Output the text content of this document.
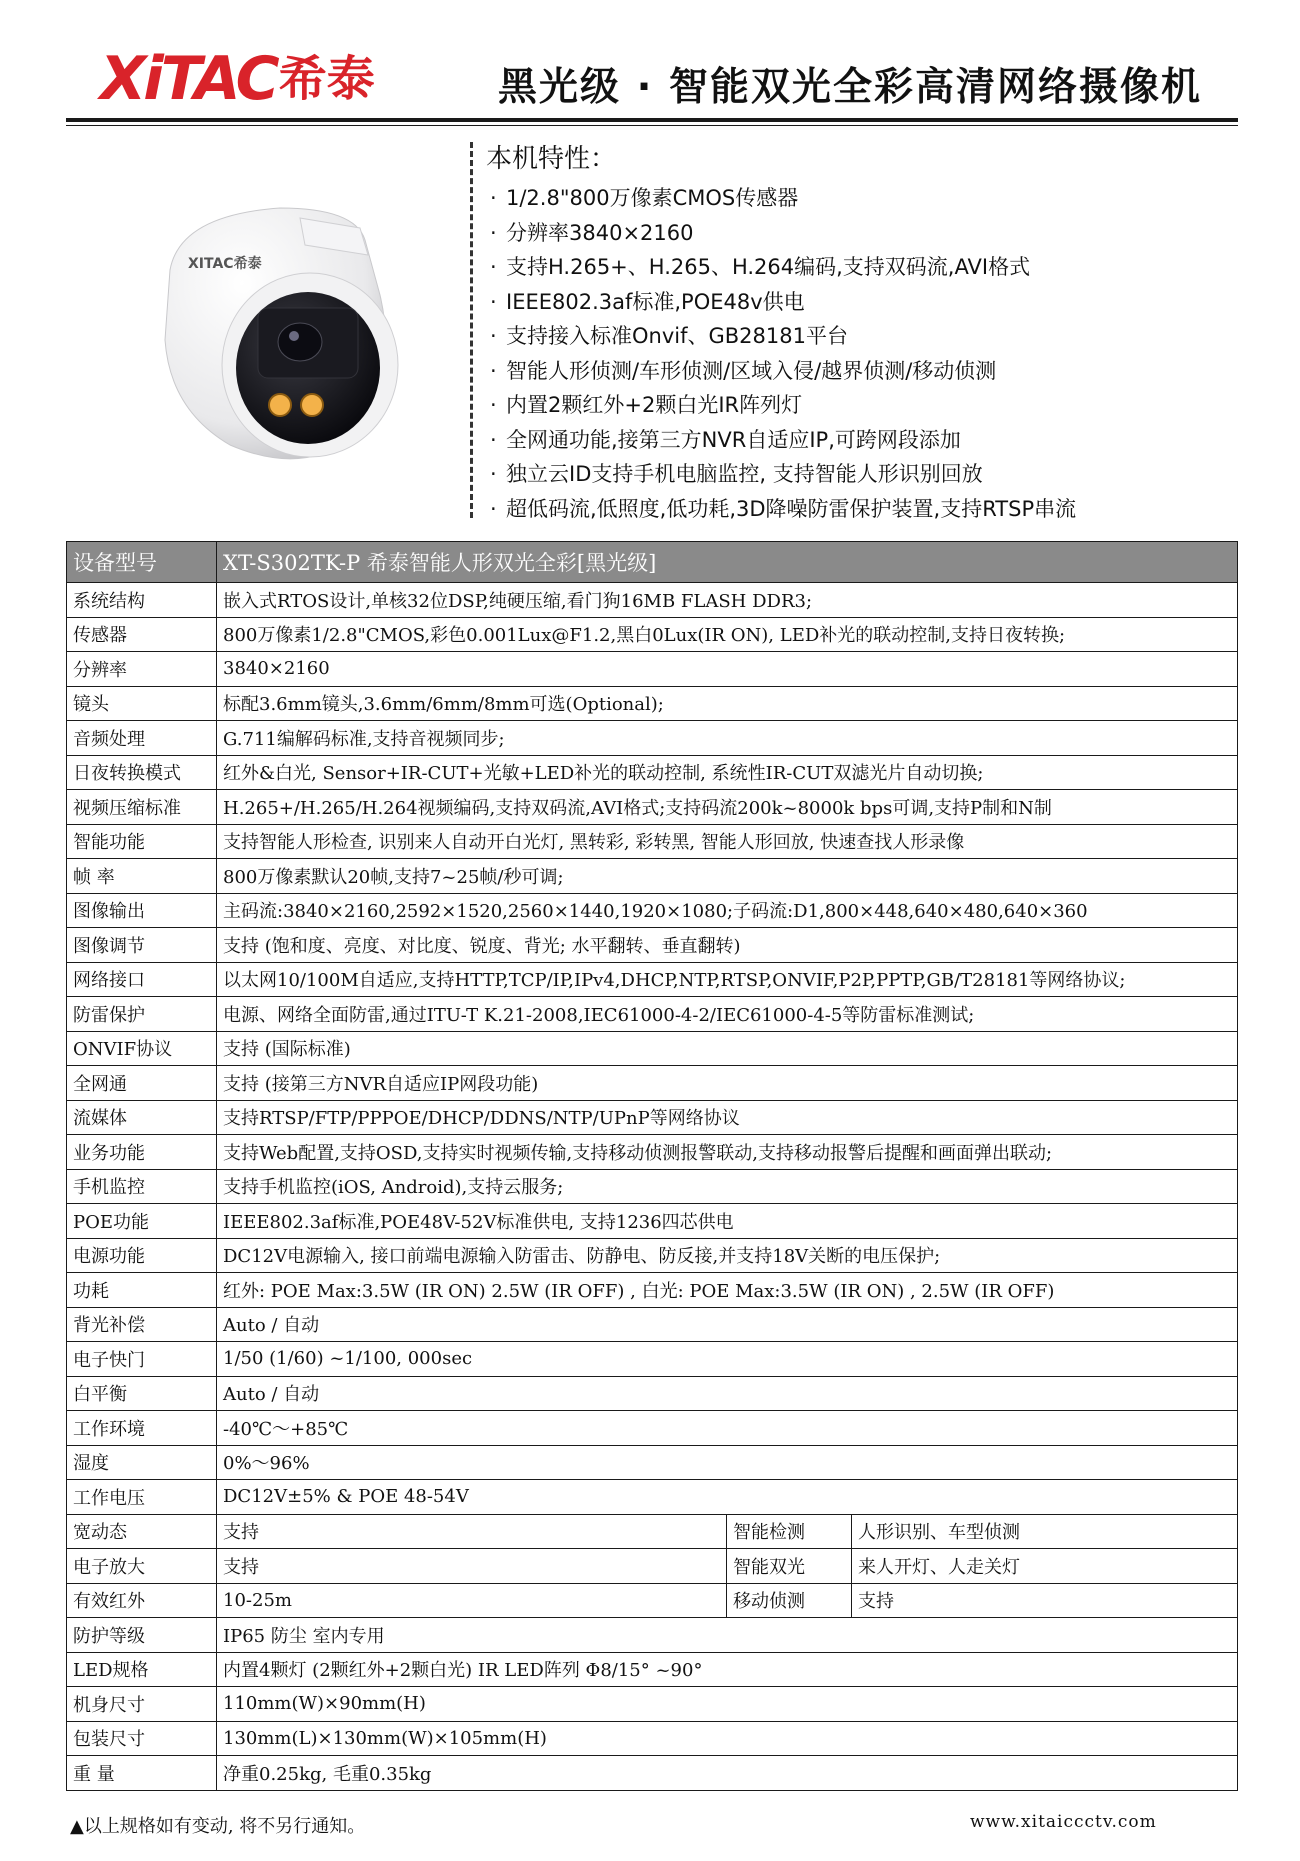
XiTAC 希泰	黑光级 · 智能双光全彩高清网络摄像机
XITAC希泰
本机特性：
· 1/2.8"800万像素CMOS传感器
· 分辨率3840×2160
· 支持H.265+、H.265、H.264编码,支持双码流,AVI格式
· IEEE802.3af标准,POE48v供电
· 支持接入标准Onvif、GB28181平台
· 智能人形侦测/车形侦测/区域入侵/越界侦测/移动侦测
· 内置2颗红外+2颗白光IR阵列灯
· 全网通功能,接第三方NVR自适应IP,可跨网段添加
· 独立云ID支持手机电脑监控, 支持智能人形识别回放
· 超低码流,低照度,低功耗,3D降噪防雷保护装置,支持RTSP串流
设备型号	XT-S302TK-P 希泰智能人形双光全彩[黑光级]		
系统结构	嵌入式RTOS设计,单核32位DSP,纯硬压缩,看门狗16MB FLASH DDR3;		
传感器	800万像素1/2.8"CMOS,彩色0.001Lux@F1.2,黑白0Lux(IR ON), LED补光的联动控制,支持日夜转换;		
分辨率	3840×2160		
镜头	标配3.6mm镜头,3.6mm/6mm/8mm可选(Optional);		
音频处理	G.711编解码标准,支持音视频同步;		
日夜转换模式	红外&白光, Sensor+IR-CUT+光敏+LED补光的联动控制, 系统性IR-CUT双滤光片自动切换;		
视频压缩标准	H.265+/H.265/H.264视频编码,支持双码流,AVI格式;支持码流200k~8000k bps可调,支持P制和N制		
智能功能	支持智能人形检查, 识别来人自动开白光灯, 黑转彩, 彩转黑, 智能人形回放, 快速查找人形录像		
帧 率	800万像素默认20帧,支持7~25帧/秒可调;		
图像输出	主码流:3840×2160,2592×1520,2560×1440,1920×1080;子码流:D1,800×448,640×480,640×360		
图像调节	支持 (饱和度、亮度、对比度、锐度、背光; 水平翻转、垂直翻转)		
网络接口	以太网10/100M自适应,支持HTTP,TCP/IP,IPv4,DHCP,NTP,RTSP,ONVIF,P2P,PPTP,GB/T28181等网络协议;		
防雷保护	电源、网络全面防雷,通过ITU-T K.21-2008,IEC61000-4-2/IEC61000-4-5等防雷标准测试;		
ONVIF协议	支持 (国际标准)		
全网通	支持 (接第三方NVR自适应IP网段功能)		
流媒体	支持RTSP/FTP/PPPOE/DHCP/DDNS/NTP/UPnP等网络协议		
业务功能	支持Web配置,支持OSD,支持实时视频传输,支持移动侦测报警联动,支持移动报警后提醒和画面弹出联动;		
手机监控	支持手机监控(iOS, Android),支持云服务;		
POE功能	IEEE802.3af标准,POE48V-52V标准供电, 支持1236四芯供电		
电源功能	DC12V电源输入, 接口前端电源输入防雷击、防静电、防反接,并支持18V关断的电压保护;		
功耗	红外: POE Max:3.5W (IR ON) 2.5W (IR OFF) , 白光: POE Max:3.5W (IR ON) , 2.5W (IR OFF)		
背光补偿	Auto / 自动		
电子快门	1/50 (1/60) ~1/100, 000sec		
白平衡	Auto / 自动		
工作环境	-40℃～+85℃		
湿度	0%～96%		
工作电压	DC12V±5% & POE 48-54V		
宽动态	支持	智能检测	人形识别、车型侦测
电子放大	支持	智能双光	来人开灯、人走关灯
有效红外	10-25m	移动侦测	支持
防护等级	IP65 防尘 室内专用		
LED规格	内置4颗灯 (2颗红外+2颗白光) IR LED阵列 Φ8/15° ~90°		
机身尺寸	110mm(W)×90mm(H)		
包装尺寸	130mm(L)×130mm(W)×105mm(H)		
重 量	净重0.25kg, 毛重0.35kg		
▲以上规格如有变动, 将不另行通知。	www.xitaiccctv.com
